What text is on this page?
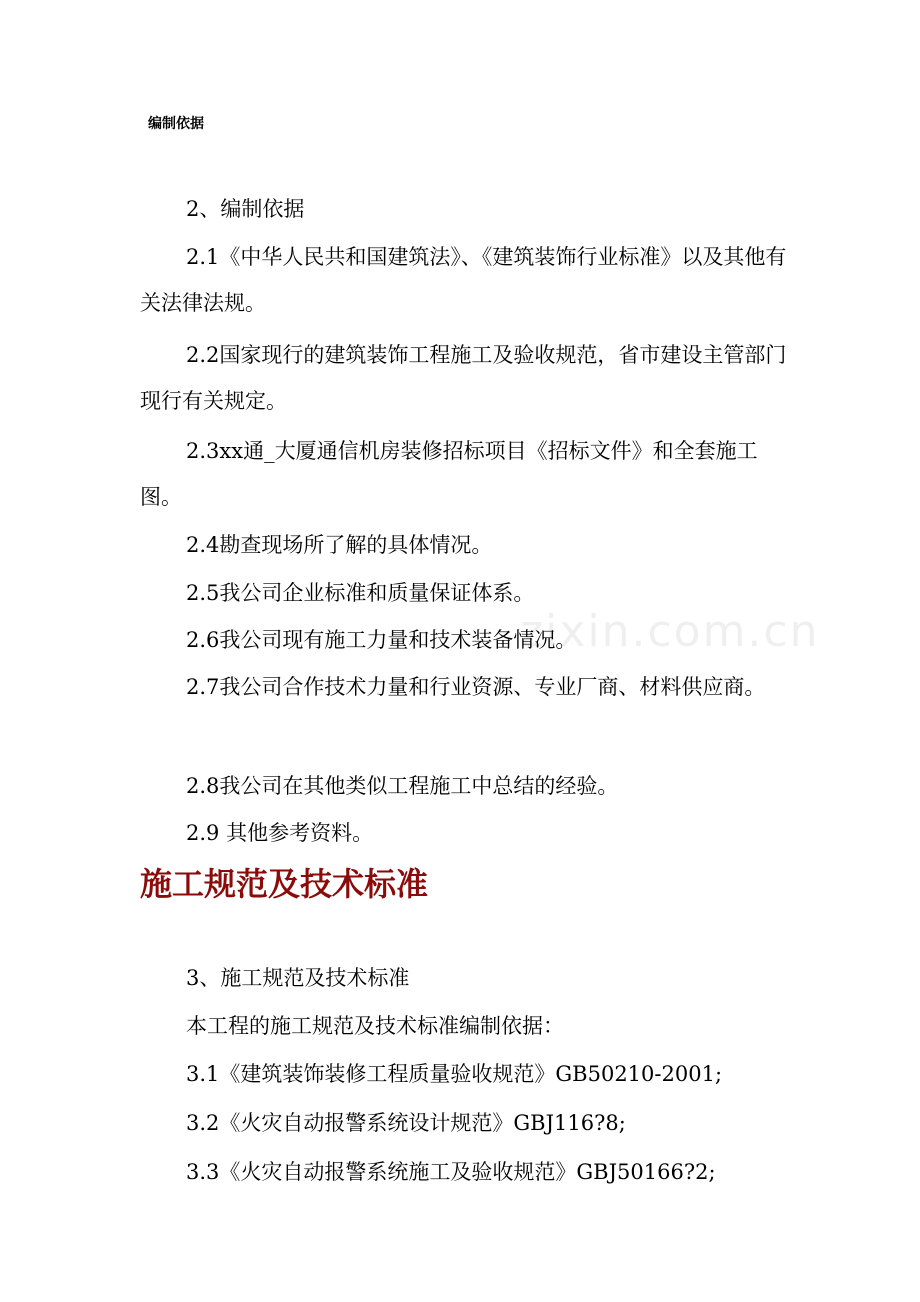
编制依据

2、编制依据

2.1《中华人民共和国建筑法》、《建筑装饰行业标准》以及其他有关法律法规。

2.2国家现行的建筑装饰工程施工及验收规范，省市建设主管部门现行有关规定。

2.3xx通_大厦通信机房装修招标项目《招标文件》和全套施工图。

2.4勘查现场所了解的具体情况。

2.5我公司企业标准和质量保证体系。

2.6我公司现有施工力量和技术装备情况。

2.7我公司合作技术力量和行业资源、专业厂商、材料供应商。

2.8我公司在其他类似工程施工中总结的经验。

2.9 其他参考资料。

施工规范及技术标准

3、施工规范及技术标准

本工程的施工规范及技术标准编制依据：

3.1《建筑装饰装修工程质量验收规范》GB50210-2001;

3.2《火灾自动报警系统设计规范》GBJ116?8;

3.3《火灾自动报警系统施工及验收规范》GBJ50166?2;

zixin.com.cn
